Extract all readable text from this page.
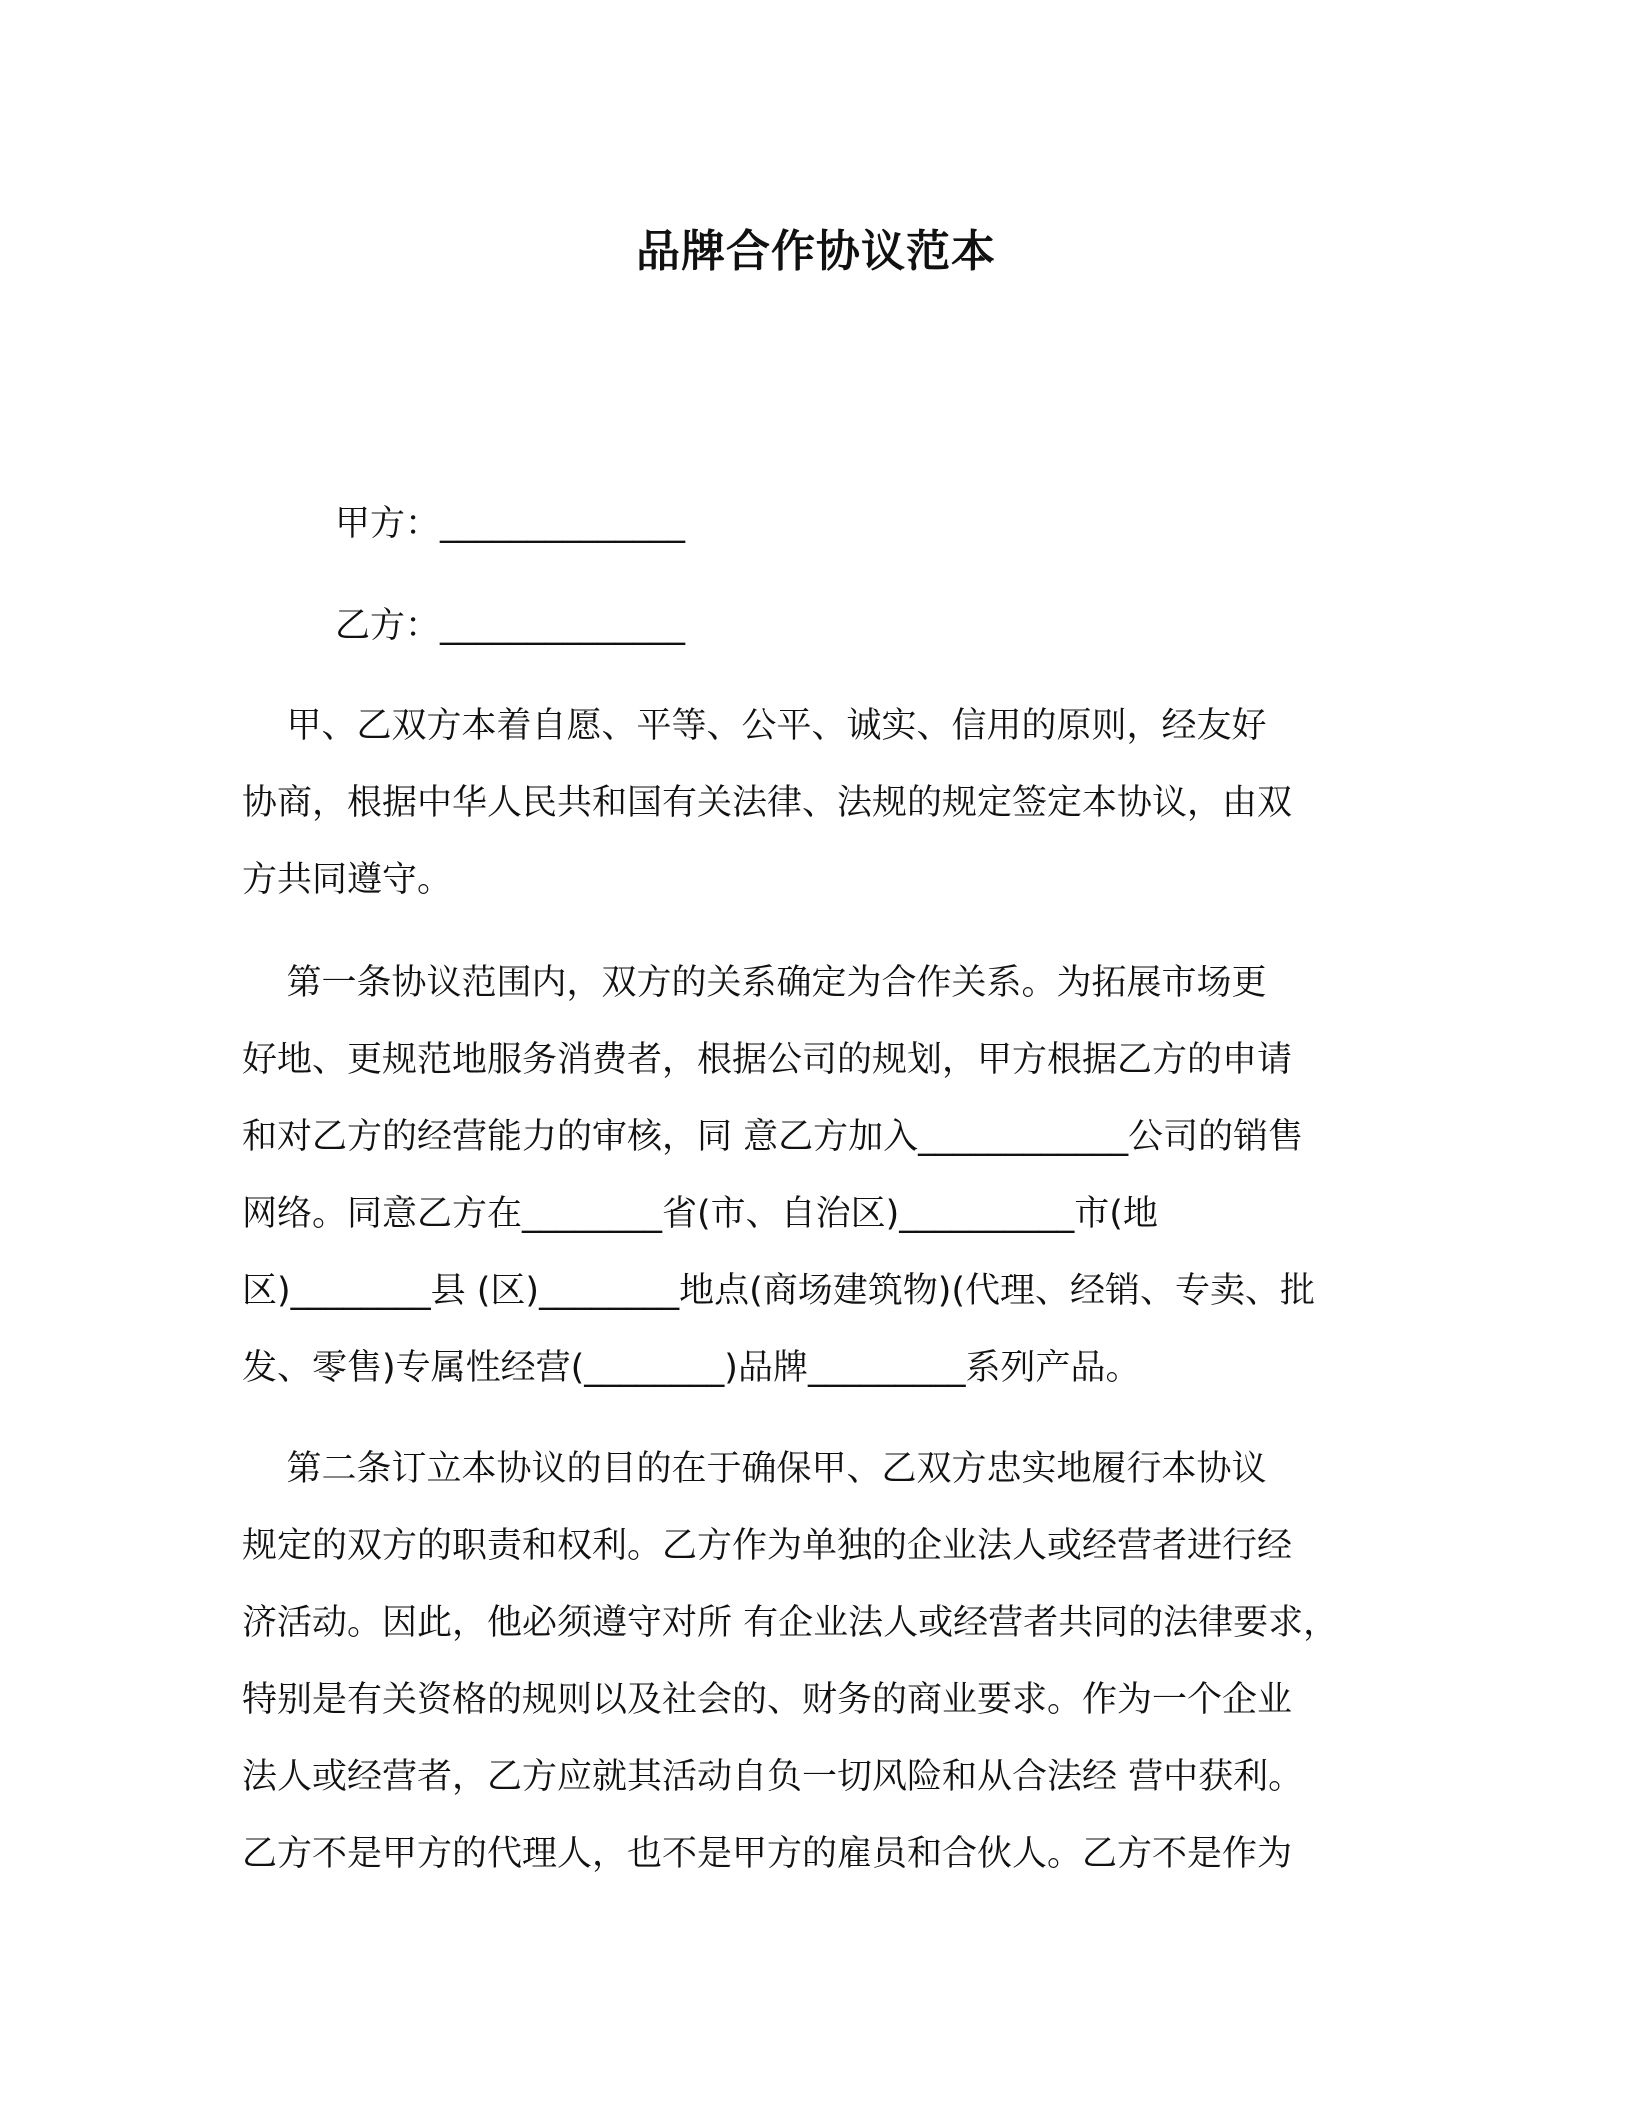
品牌合作协议范本
甲方：______________
乙方：______________
甲、乙双方本着自愿、平等、公平、诚实、信用的原则，经友好
协商，根据中华人民共和国有关法律、法规的规定签定本协议，由双
方共同遵守。
第一条协议范围内，双方的关系确定为合作关系。为拓展市场更
好地、更规范地服务消费者，根据公司的规划，甲方根据乙方的申请
和对乙方的经营能力的审核，同 意乙方加入____________公司的销售
网络。同意乙方在________省(市、自治区)__________市(地
区)________县 (区)________地点(商场建筑物)(代理、经销、专卖、批
发、零售)专属性经营(________)品牌_________系列产品。
第二条订立本协议的目的在于确保甲、乙双方忠实地履行本协议
规定的双方的职责和权利。乙方作为单独的企业法人或经营者进行经
济活动。因此，他必须遵守对所 有企业法人或经营者共同的法律要求，
特别是有关资格的规则以及社会的、财务的商业要求。作为一个企业
法人或经营者，乙方应就其活动自负一切风险和从合法经 营中获利。
乙方不是甲方的代理人，也不是甲方的雇员和合伙人。乙方不是作为
